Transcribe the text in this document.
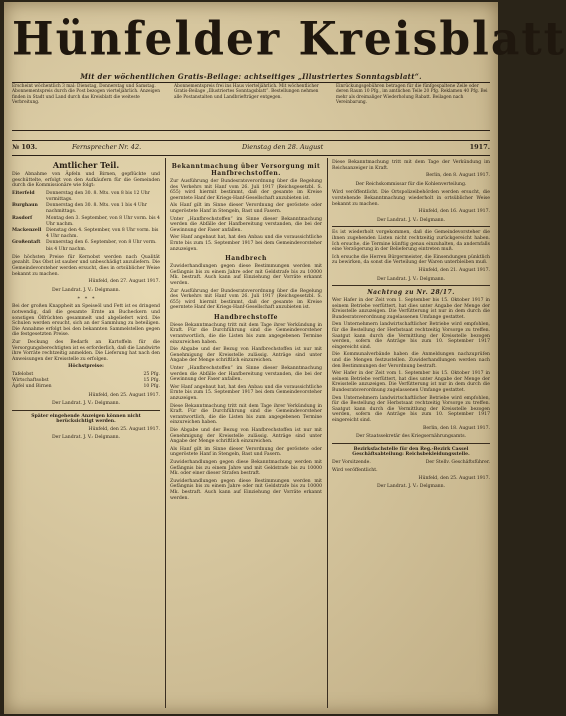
Hünfelder Kreisblatt
Mit der wöchentlichen Gratis-Beilage: achtseitiges „Illustriertes Sonntagsblatt“.
Erscheint wöchentlich 3 mal: Dienstag, Donnerstag und Samstag. Abonnementspreis durch die Post bezogen vierteljährlich. Anzeigen finden in Stadt und Land durch das Kreisblatt die weiteste Verbreitung.
Abonnementspreis frei ins Haus vierteljährlich. Mit wöchentlicher Gratis-Beilage „Illustriertes Sonntagsblatt“. Bestellungen nehmen alle Postanstalten und Landbriefträger entgegen.
Einrückungsgebühren betragen für die fünfgespaltene Zeile oder deren Raum 10 Pfg., im amtlichen Teile 20 Pfg. Reklamen 40 Pfg. Bei mehr als dreimaliger Wiederholung Rabatt. Beilagen nach Vereinbarung.
№ 103.	Fernsprecher Nr. 42.	Dienstag den 28. August	1917.
Amtlicher Teil.

Die Abnahme von Äpfeln und Birnen, gepflückte und geschüttelte, erfolgt von den Aufkäufern für die Gemeinden durch die Kommissionäre wie folgt:

Eiterfeld	Donnerstag den 30. 8. Mts. von 8 bis 12 Uhr vormittags.
Burghaun	Donnerstag den 30. 8. Mts. von 1 bis 4 Uhr nachmittags.
Rasdorf	Montag den 3. September, von 8 Uhr vorm. bis 4 Uhr nachm.
Mackenzell	Dienstag den 4. September, von 8 Uhr vorm. bis 4 Uhr nachm.
Großentaft	Donnerstag den 6. September, von 8 Uhr vorm. bis 4 Uhr nachm.

Die höchsten Preise für Kernobst werden nach Qualität gezahlt. Das Obst ist sauber und unbeschädigt anzuliefern. Die Gemeindevorsteher werden ersucht, dies in ortsüblicher Weise bekannt zu machen.

Hünfeld, den 27. August 1917.
Der Landrat. J. V.: Delgmann.
*   *   *

Bei der großen Knappheit an Speiseöl und Fett ist es dringend notwendig, daß die gesamte Ernte an Bucheckern und sonstigen Ölfrüchten gesammelt und abgeliefert wird. Die Schulen werden ersucht, sich an der Sammlung zu beteiligen. Die Annahme erfolgt bei den bekannten Sammelstellen gegen die festgesetzten Preise.

Zur Deckung des Bedarfs an Kartoffeln für die Versorgungsberechtigten ist es erforderlich, daß die Landwirte ihre Vorräte rechtzeitig anmelden. Die Lieferung hat nach den Anweisungen der Kreisstelle zu erfolgen.

Höchstpreise:

Tafelobst	25 Pfg.
Wirtschaftsobst	15 Pfg.
Äpfel und Birnen	10 Pfg.
Hünfeld, den 25. August 1917.
Der Landrat. J. V.: Delgmann.

Später eingehende Anzeigen können nicht berücksichtigt werden.

Hünfeld, den 25. August 1917.
Der Landrat. J. V.: Delgmann.
Bekanntmachung über Versorgung mit Hanfbrechstoffen.

Zur Ausführung der Bundesratsverordnung über die Regelung des Verkehrs mit Hanf vom 26. Juli 1917 (Reichsgesetzbl. S. 655) wird hiermit bestimmt, daß der gesamte im Kreise geerntete Hanf der Kriegs-Hanf-Gesellschaft anzubieten ist.

Als Hanf gilt im Sinne dieser Verordnung der geröstete oder ungeröstete Hanf in Stengeln, Bast und Fasern.

Unter „Hanfbrechstoffen“ im Sinne dieser Bekanntmachung werden die Abfälle der Hanfbereitung verstanden, die bei der Gewinnung der Faser anfallen.

Wer Hanf angebaut hat, hat den Anbau und die voraussichtliche Ernte bis zum 15. September 1917 bei dem Gemeindevorsteher anzuzeigen.

Handbrech

Zuwiderhandlungen gegen diese Bestimmungen werden mit Gefängnis bis zu einem Jahre oder mit Geldstrafe bis zu 10000 Mk. bestraft. Auch kann auf Einziehung der Vorräte erkannt werden.

Zur Ausführung der Bundesratsverordnung über die Regelung des Verkehrs mit Hanf vom 26. Juli 1917 (Reichsgesetzbl. S. 655) wird hiermit bestimmt, daß der gesamte im Kreise geerntete Hanf der Kriegs-Hanf-Gesellschaft anzubieten ist.

Handbrechstoffe

Diese Bekanntmachung tritt mit dem Tage ihrer Verkündung in Kraft. Für die Durchführung sind die Gemeindevorsteher verantwortlich, die die Listen bis zum angegebenen Termine einzureichen haben.

Die Abgabe und der Bezug von Hanfbrechstoffen ist nur mit Genehmigung der Kreisstelle zulässig. Anträge sind unter Angabe der Menge schriftlich einzureichen.

Unter „Hanfbrechstoffen“ im Sinne dieser Bekanntmachung werden die Abfälle der Hanfbereitung verstanden, die bei der Gewinnung der Faser anfallen.

Wer Hanf angebaut hat, hat den Anbau und die voraussichtliche Ernte bis zum 15. September 1917 bei dem Gemeindevorsteher anzuzeigen.

Diese Bekanntmachung tritt mit dem Tage ihrer Verkündung in Kraft. Für die Durchführung sind die Gemeindevorsteher verantwortlich, die die Listen bis zum angegebenen Termine einzureichen haben.

Die Abgabe und der Bezug von Hanfbrechstoffen ist nur mit Genehmigung der Kreisstelle zulässig. Anträge sind unter Angabe der Menge schriftlich einzureichen.

Als Hanf gilt im Sinne dieser Verordnung der geröstete oder ungeröstete Hanf in Stengeln, Bast und Fasern.

Zuwiderhandlungen gegen diese Bekanntmachung werden mit Gefängnis bis zu einem Jahre und mit Geldstrafe bis zu 10000 Mk. oder einer dieser Strafen bestraft.

Zuwiderhandlungen gegen diese Bestimmungen werden mit Gefängnis bis zu einem Jahre oder mit Geldstrafe bis zu 10000 Mk. bestraft. Auch kann auf Einziehung der Vorräte erkannt werden.

Diese Bekanntmachung tritt mit dem Tage der Verkündung im Reichsanzeiger in Kraft.

Berlin, den 8. August 1917.
Der Reichskommissar für die Kohlenverteilung.

Wird veröffentlicht. Die Ortspolizeibehörden werden ersucht, die vorstehende Bekanntmachung wiederholt in ortsüblicher Weise bekannt zu machen.

Hünfeld, den 16. August 1917.
Der Landrat. J. V.: Delgmann.

Es ist wiederholt vorgekommen, daß die Gemeindevorsteher die ihnen zugehenden Listen nicht rechtzeitig zurückgereicht haben. Ich ersuche, die Termine künftig genau einzuhalten, da andernfalls eine Verzögerung in der Belieferung eintreten muß.

Ich ersuche die Herren Bürgermeister, die Einsendungen pünktlich zu bewirken, da sonst die Verteilung der Waren unterbleiben muß.

Hünfeld, den 21. August 1917.
Der Landrat. J. V.: Delgmann.
Nachtrag zu Nr. 28/17.

Wer Hafer in der Zeit vom 1. September bis 15. Oktober 1917 in seinem Betriebe verfüttert, hat dies unter Angabe der Menge der Kreisstelle anzuzeigen. Die Verfütterung ist nur in dem durch die Bundesratsverordnung zugelassenen Umfange gestattet.

Den Unternehmern landwirtschaftlicher Betriebe wird empfohlen, für die Bestellung der Herbstsaat rechtzeitig Vorsorge zu treffen. Saatgut kann durch die Vermittlung der Kreisstelle bezogen werden, sofern die Anträge bis zum 10. September 1917 eingereicht sind.

Die Kommunalverbände haben die Anmeldungen nachzuprüfen und die Mengen festzustellen. Zuwiderhandlungen werden nach den Bestimmungen der Verordnung bestraft.

Wer Hafer in der Zeit vom 1. September bis 15. Oktober 1917 in seinem Betriebe verfüttert, hat dies unter Angabe der Menge der Kreisstelle anzuzeigen. Die Verfütterung ist nur in dem durch die Bundesratsverordnung zugelassenen Umfange gestattet.

Den Unternehmern landwirtschaftlicher Betriebe wird empfohlen, für die Bestellung der Herbstsaat rechtzeitig Vorsorge zu treffen. Saatgut kann durch die Vermittlung der Kreisstelle bezogen werden, sofern die Anträge bis zum 10. September 1917 eingereicht sind.

Berlin, den 18. August 1917.
Der Staatssekretär des Kriegsernährungsamts.

Bezirksfachstelle für den Reg.-Bezirk Cassel Geschäftsabteilung: Reichsbekleidungsstelle.

Der Vorsitzende.	Der Stellv. Geschäftsführer.

Wird veröffentlicht.

Hünfeld, den 25. August 1917.
Der Landrat. J. V.: Delgmann.
